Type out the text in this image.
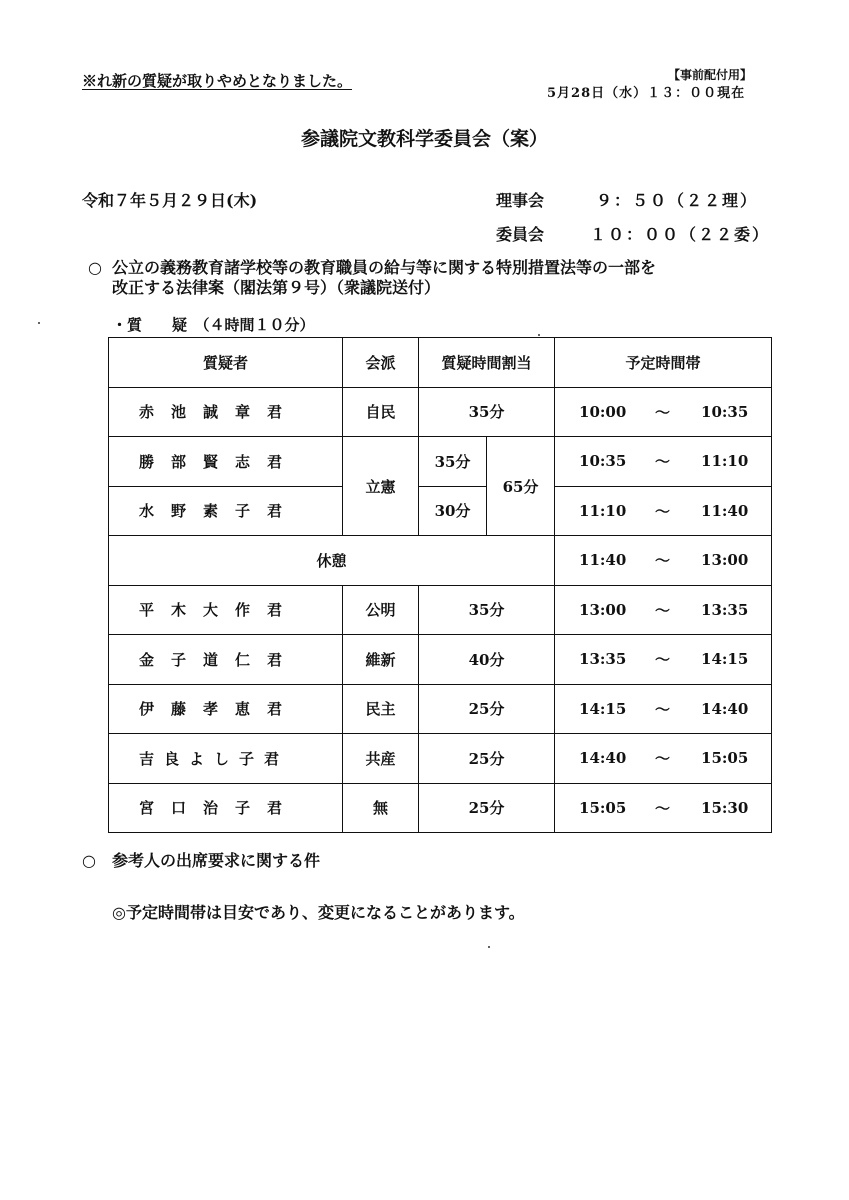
※れ新の質疑が取りやめとなりました。	【事前配付用】
5月28日（水）１３：００現在
参議院文教科学委員会（案）
令和７年５月２９日(木)	理事会	９：５０（２２理）
委員会	１０：００（２２委）
○ 公立の義務教育諸学校等の教育職員の給与等に関する特別措置法等の一部を
改正する法律案（閣法第９号）（衆議院送付）
・質　　疑　（４時間１０分）
質疑者	会派	質疑時間割当		予定時間帯
赤池誠章君	自民	35分		10:00 ～ 10:35

勝部賢志君	立憲	35分	65分	10:35 ～ 11:10

水野素子君		30分		11:10 ～ 11:40

休憩				11:40 ～ 13:00

平木大作君	公明	35分		13:00 ～ 13:35

金子道仁君	維新	40分		13:35 ～ 14:15

伊藤孝恵君	民主	25分		14:15 ～ 14:40

吉良よし子君	共産	25分		14:40 ～ 15:05

宮口治子君	無	25分		15:05 ～ 15:30
○　参考人の出席要求に関する件
◎予定時間帯は目安であり、変更になることがあります。
